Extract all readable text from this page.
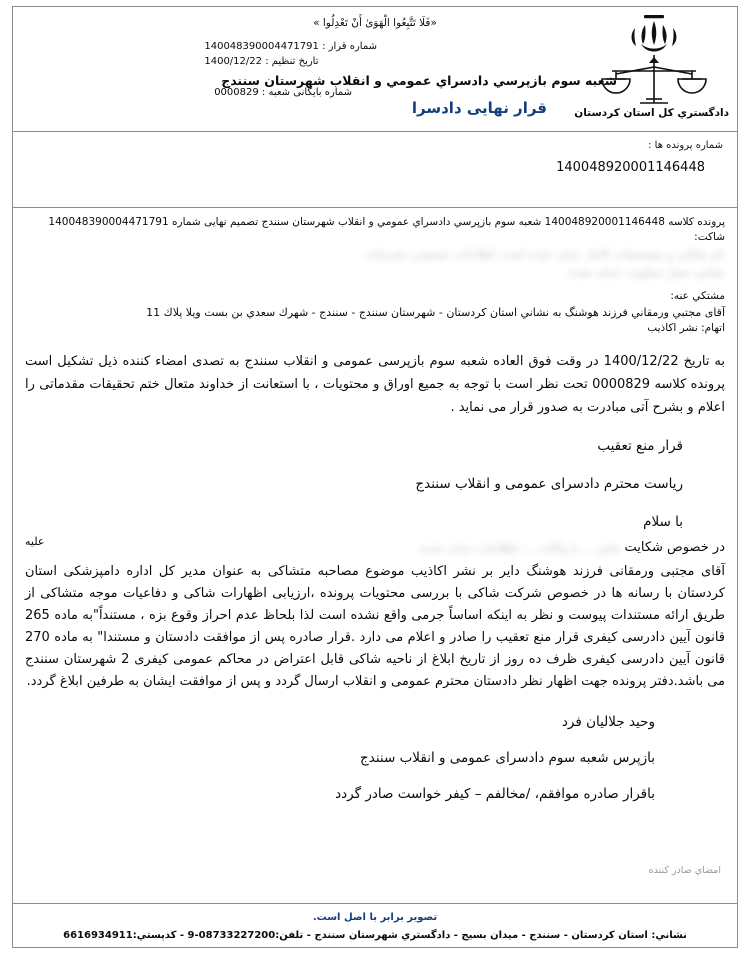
«فَلَا تَتَّبِعُوا الْهَوَىٰ أَنْ تَعْدِلُوا »
شماره قرار : 140048390004471791
تاریخ تنظیم : 1400/12/22
شماره بایگانی شعبه : 0000829
شعبه سوم بازپرسي دادسراي عمومي و انقلاب شهرستان سنندج
قرار نهایی دادسرا	دادگستري كل استان كردستان
شماره پرونده ها :
140048920001146448
پرونده کلاسه 140048920001146448 شعبه سوم بازپرسي دادسراي عمومي و انقلاب شهرستان سنندج تصمیم نهایی شماره 140048390004471791
شاکت:
نام شاکی و مشخصات کامل حذف شده است اطلاعات شخصی محرمانه
نشانی محل سکونت حذف شده
مشتکي عنه:
آقای مجتبي ورمقاني فرزند هوشنگ به نشاني استان كردستان - شهرستان سنندج - سنندج - شهرك سعدي بن بست ویلا پلاك 11
اتهام: نشر اکاذیب
به تاریخ 1400/12/22 در وقت فوق العاده شعبه سوم بازپرسی عمومی و انقلاب سنندج به تصدی امضاء کننده ذیل تشکیل است پرونده کلاسه 0000829 تحت نظر است با توجه به جمیع اوراق و محتویات ، با استعانت از خداوند متعال ختم تحقیقات مقدماتی را اعلام و بشرح آتی مبادرت به صدور قرار می نماید .
قرار منع تعقیب
ریاست محترم دادسرای عمومی و انقلاب سنندج
با سلام
علیه	در خصوص شکایت خانم ... با وکالت ... اطلاعات حذف شده
آقای مجتبی ورمقانی فرزند هوشنگ دایر بر نشر اکاذیب موضوع مصاحبه متشاکی به عنوان مدیر کل اداره دامپزشکی استان کردستان با رسانه ها در خصوص شرکت شاکی با بررسی محتویات پرونده ،ارزیابی اظهارات شاکی و دفاعیات موجه متشاکی از طریق ارائه مستندات پیوست و نظر به اینکه اساساً جرمی واقع نشده است لذا بلحاظ عدم احراز وقوع بزه ، مستنداً"به ماده 265 قانون آیین دادرسی کیفری قرار منع تعقیب را صادر و اعلام می دارد .قرار صادره پس از موافقت دادستان و مستندا" به ماده 270 قانون آیین دادرسی کیفری ظرف ده روز از تاریخ ابلاغ از ناحیه شاکی قابل اعتراض در محاکم عمومی کیفری 2 شهرستان سنندج می باشد.دفتر پرونده جهت اظهار نظر دادستان محترم عمومی و انقلاب ارسال گردد و پس از موافقت ایشان به طرفین ابلاغ گردد.
وحید جلالیان فرد
بازپرس شعبه سوم دادسرای عمومی و انقلاب سنندج
باقرار صادره موافقم، /مخالفم – کیفر خواست صادر گردد
امضاي صادر كننده
تصویر برابر با اصل است.
نشاني: استان كردستان - سنندج - ميدان بسيج - دادگستري شهرستان سنندج - تلفن:08733227200-9 - كدپستي:6616934911
